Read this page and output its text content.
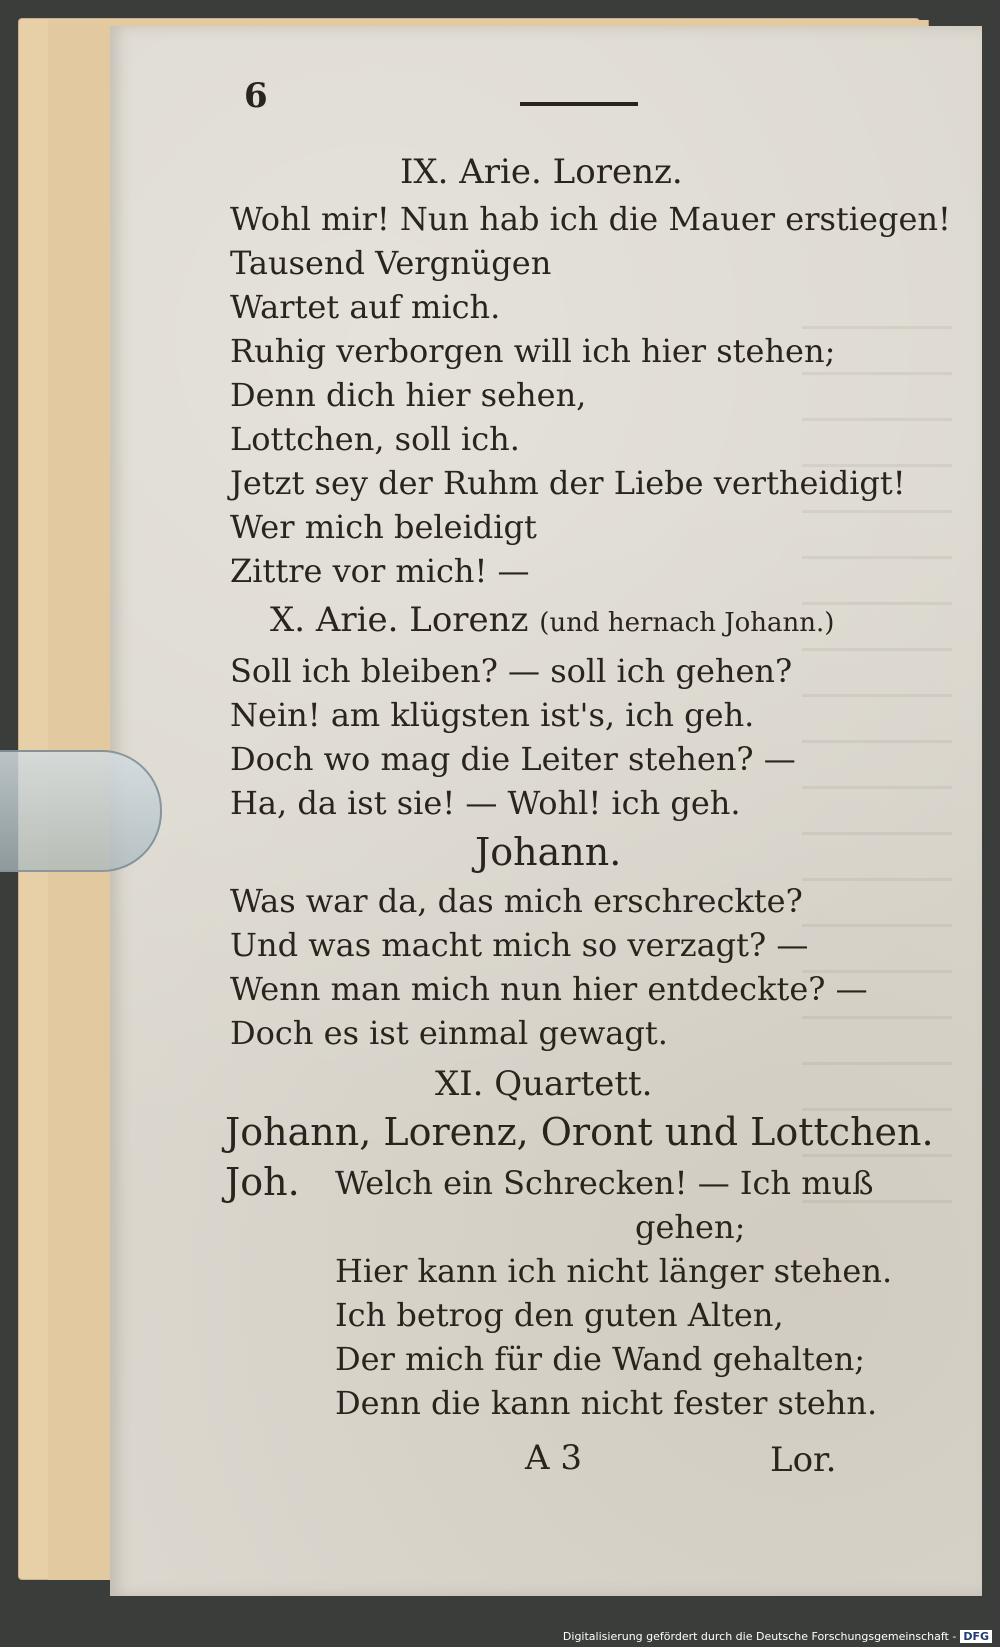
6
IX. Arie. Lorenz.
Wohl mir! Nun hab ich die Mauer erstiegen!
Tausend Vergnügen
Wartet auf mich.
Ruhig verborgen will ich hier stehen;
Denn dich hier sehen,
Lottchen, soll ich.
Jetzt sey der Ruhm der Liebe vertheidigt!
Wer mich beleidigt
Zittre vor mich! —
X. Arie. Lorenz (und hernach Johann.)
Soll ich bleiben? — soll ich gehen?
Nein! am klügsten ist's, ich geh.
Doch wo mag die Leiter stehen? —
Ha, da ist sie! — Wohl! ich geh.
Johann.
Was war da, das mich erschreckte?
Und was macht mich so verzagt? —
Wenn man mich nun hier entdeckte? —
Doch es ist einmal gewagt.
XI. Quartett.
Johann, Lorenz, Oront und Lottchen.
Joh. Welch ein Schrecken! — Ich muß
gehen;
Hier kann ich nicht länger stehen.
Ich betrog den guten Alten,
Der mich für die Wand gehalten;
Denn die kann nicht fester stehn.
A 3	Lor.
Digitalisierung gefördert durch die Deutsche Forschungsgemeinschaft - DFG
